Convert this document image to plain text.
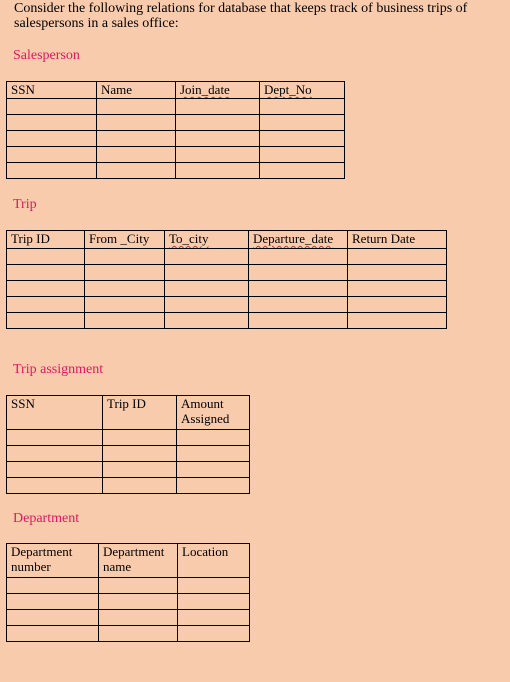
Consider the following relations for database that keeps track of business trips of salespersons in a sales office:
Salesperson
SSN	Name	Join_date	Dept_No

Trip
Trip ID	From _City	To_city	Departure_date	Return Date

Trip assignment
SSN	Trip ID	Amount Assigned

Department
Department number	Department name	Location
